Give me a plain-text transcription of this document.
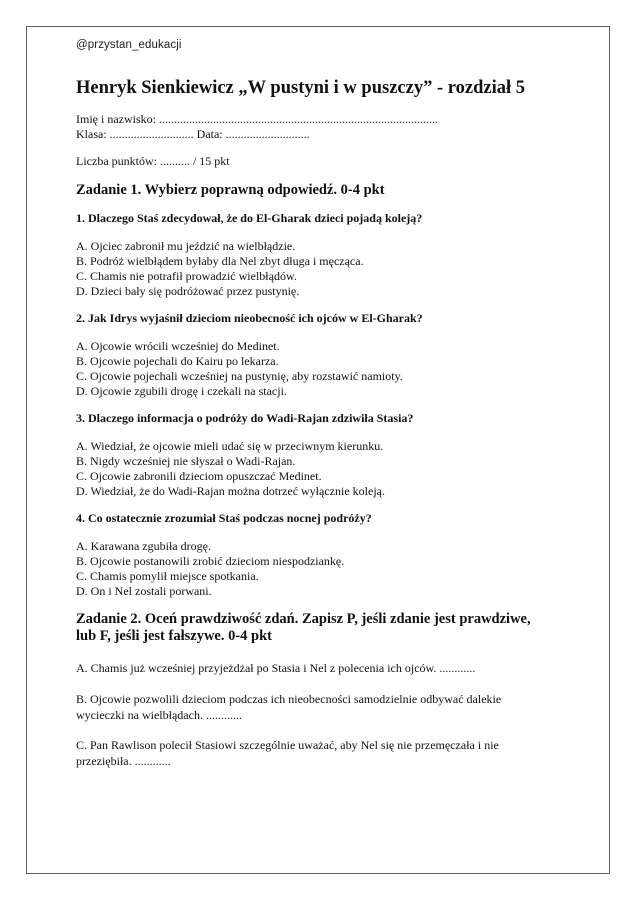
@przystan_edukacji
Henryk Sienkiewicz „W pustyni i w puszczy” - rozdział 5
Imię i nazwisko: .............................................................................................
Klasa: ............................ Data: ............................
Liczba punktów: .......... / 15 pkt
Zadanie 1. Wybierz poprawną odpowiedź. 0-4 pkt
1. Dlaczego Staś zdecydował, że do El-Gharak dzieci pojadą koleją?
A. Ojciec zabronił mu jeździć na wielbłądzie.
B. Podróż wielbłądem byłaby dla Nel zbyt długa i męcząca.
C. Chamis nie potrafił prowadzić wielbłądów.
D. Dzieci bały się podróżować przez pustynię.
2. Jak Idrys wyjaśnił dzieciom nieobecność ich ojców w El-Gharak?
A. Ojcowie wrócili wcześniej do Medinet.
B. Ojcowie pojechali do Kairu po lekarza.
C. Ojcowie pojechali wcześniej na pustynię, aby rozstawić namioty.
D. Ojcowie zgubili drogę i czekali na stacji.
3. Dlaczego informacja o podróży do Wadi-Rajan zdziwiła Stasia?
A. Wiedział, że ojcowie mieli udać się w przeciwnym kierunku.
B. Nigdy wcześniej nie słyszał o Wadi-Rajan.
C. Ojcowie zabronili dzieciom opuszczać Medinet.
D. Wiedział, że do Wadi-Rajan można dotrzeć wyłącznie koleją.
4. Co ostatecznie zrozumiał Staś podczas nocnej podróży?
A. Karawana zgubiła drogę.
B. Ojcowie postanowili zrobić dzieciom niespodziankę.
C. Chamis pomylił miejsce spotkania.
D. On i Nel zostali porwani.
Zadanie 2. Oceń prawdziwość zdań. Zapisz P, jeśli zdanie jest prawdziwe, lub F, jeśli jest fałszywe. 0-4 pkt
A. Chamis już wcześniej przyjeżdżał po Stasia i Nel z polecenia ich ojców. ............
B. Ojcowie pozwolili dzieciom podczas ich nieobecności samodzielnie odbywać dalekie wycieczki na wielbłądach. ............
C. Pan Rawlison polecił Stasiowi szczególnie uważać, aby Nel się nie przemęczała i nie przeziębiła. ............
